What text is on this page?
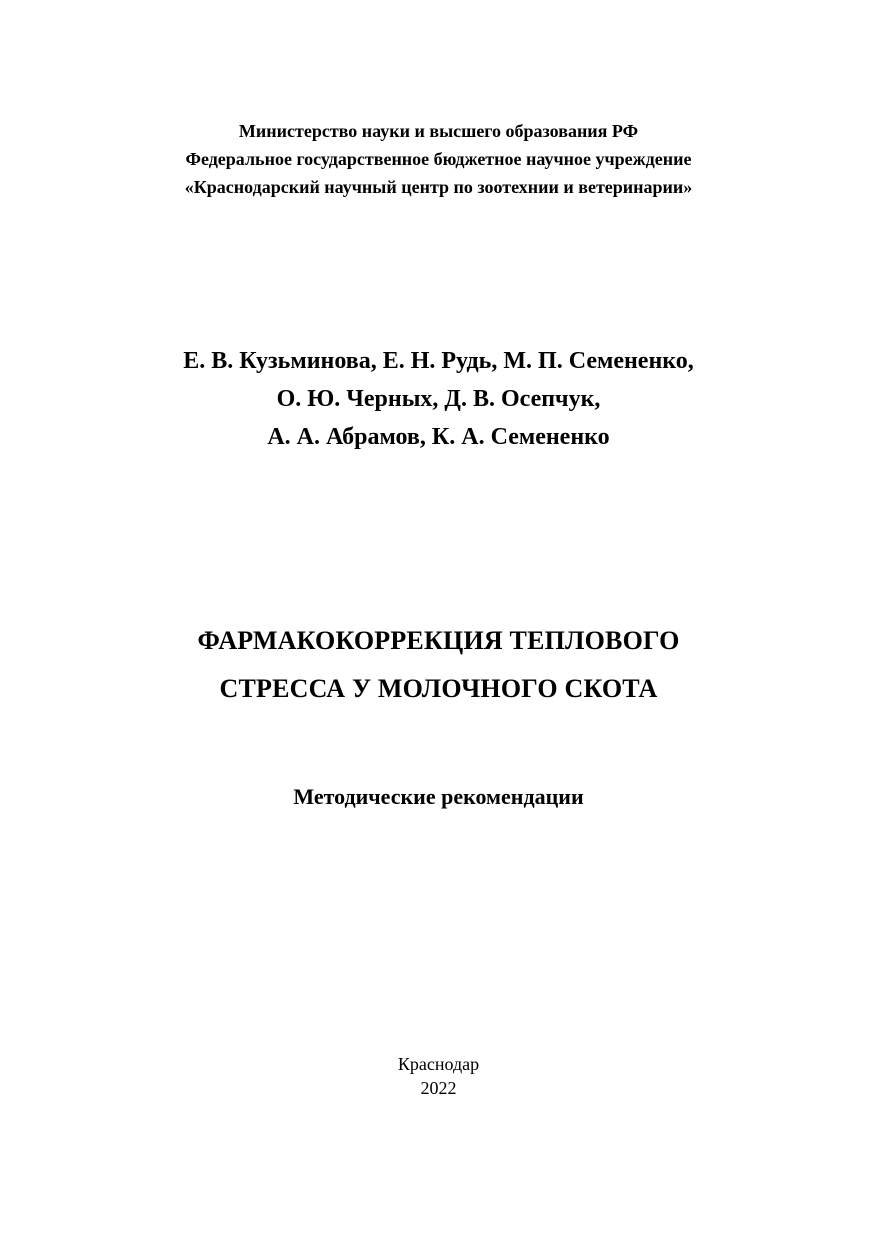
Министерство науки и высшего образования РФ
Федеральное государственное бюджетное научное учреждение
«Краснодарский научный центр по зоотехнии и ветеринарии»
Е. В. Кузьминова, Е. Н. Рудь, М. П. Семененко,
О. Ю. Черных, Д. В. Осепчук,
А. А. Абрамов, К. А. Семененко
ФАРМАКОКОРРЕКЦИЯ ТЕПЛОВОГО
СТРЕССА У МОЛОЧНОГО СКОТА
Методические рекомендации
Краснодар
2022
